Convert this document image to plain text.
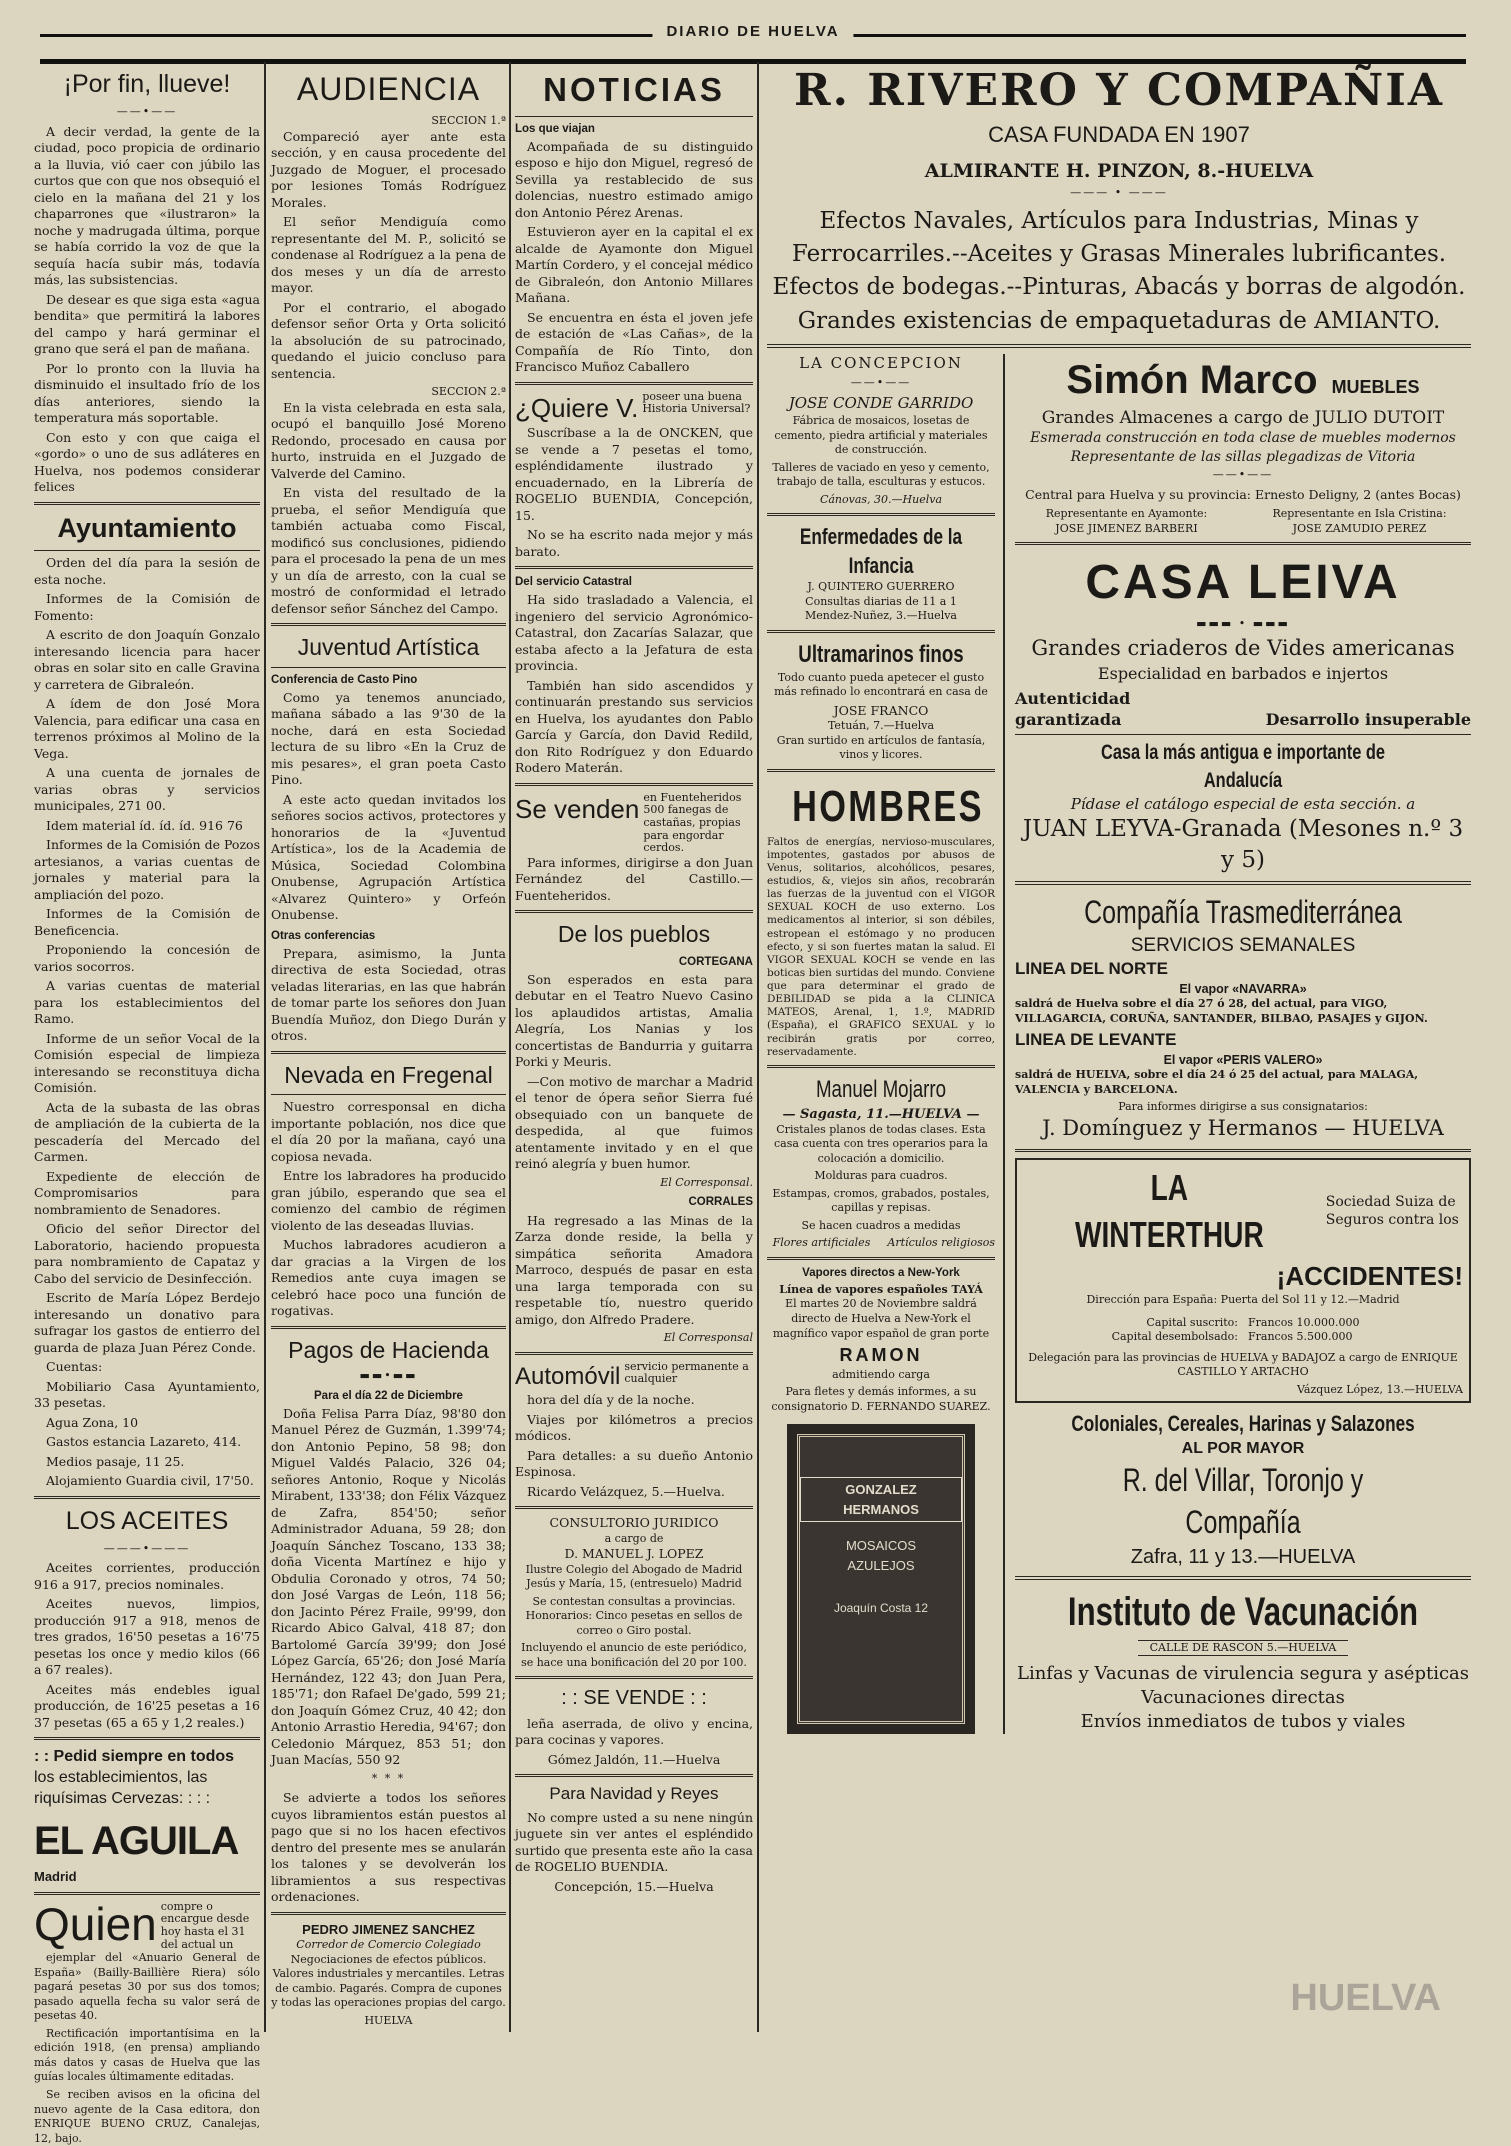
DIARIO DE HUELVA
¡Por fin, llueve!
——•——

A decir verdad, la gente de la ciudad, poco propicia de ordinario a la lluvia, vió caer con júbilo las curtos que con que nos obsequió el cielo en la mañana del 21 y los chaparrones que «ilustraron» la noche y madrugada última, porque se había corrido la voz de que la sequía hacía subir más, todavía más, las subsistencias.

De desear es que siga esta «agua bendita» que permitirá la labores del campo y hará germinar el grano que será el pan de mañana.

Por lo pronto con la lluvia ha disminuido el insultado frío de los días anteriores, siendo la temperatura más soportable.

Con esto y con que caiga el «gordo» o uno de sus adláteres en Huelva, nos podemos considerar felices

Ayuntamiento

Orden del día para la sesión de esta noche.

Informes de la Comisión de Fomento:

A escrito de don Joaquín Gonzalo interesando licencia para hacer obras en solar sito en calle Gravina y carretera de Gibraleón.

A ídem de don José Mora Valencia, para edificar una casa en terrenos próximos al Molino de la Vega.

A una cuenta de jornales de varias obras y servicios municipales, 271 00.

Idem material íd. íd. íd. 916 76

Informes de la Comisión de Pozos artesianos, a varias cuentas de jornales y material para la ampliación del pozo.

Informes de la Comisión de Beneficencia.

Proponiendo la concesión de varios socorros.

A varias cuentas de material para los establecimientos del Ramo.

Informe de un señor Vocal de la Comisión especial de limpieza interesando se reconstituya dicha Comisión.

Acta de la subasta de las obras de ampliación de la cubierta de la pescadería del Mercado del Carmen.

Expediente de elección de Compromisarios para nombramiento de Senadores.

Oficio del señor Director del Laboratorio, haciendo propuesta para nombramiento de Capataz y Cabo del servicio de Desinfección.

Escrito de María López Berdejo interesando un donativo para sufragar los gastos de entierro del guarda de plaza Juan Pérez Conde.

Cuentas:

Mobiliario Casa Ayuntamiento, 33 pesetas.

Agua Zona, 10

Gastos estancia Lazareto, 414.

Medios pasaje, 11 25.

Alojamiento Guardia civil, 17'50.

LOS ACEITES
———•———

Aceites corrientes, producción 916 a 917, precios nominales.

Aceites nuevos, limpios, producción 917 a 918, menos de tres grados, 16'50 pesetas a 16'75 pesetas los once y medio kilos (66 a 67 reales).

Aceites más endebles igual producción, de 16'25 pesetas a 16 37 pesetas (65 a 65 y 1,2 reales.)

: : Pedid siempre en todos
los establecimientos, las
riquísimas Cervezas: : : :
EL AGUILA Madrid
Quien compre o encargue desde hoy hasta el 31 del actual un

ejemplar del «Anuario General de España» (Bailly-Baillière Riera) sólo pagará pesetas 30 por sus dos tomos; pasado aquella fecha su valor será de pesetas 40.

Rectificación importantísima en la edición 1918, (en prensa) ampliando más datos y casas de Huelva que las guías locales últimamente editadas.

Se reciben avisos en la oficina del nuevo agente de la Casa editora, don ENRIQUE BUENO CRUZ, Canalejas, 12, bajo.

AUDIENCIA
SECCION 1.ª

Compareció ayer ante esta sección, y en causa procedente del Juzgado de Moguer, el procesado por lesiones Tomás Rodríguez Morales.

El señor Mendiguía como representante del M. P., solicitó se condenase al Rodríguez a la pena de dos meses y un día de arresto mayor.

Por el contrario, el abogado defensor señor Orta y Orta solicitó la absolución de su patrocinado, quedando el juicio concluso para sentencia.

SECCION 2.ª

En la vista celebrada en esta sala, ocupó el banquillo José Moreno Redondo, procesado en causa por hurto, instruida en el Juzgado de Valverde del Camino.

En vista del resultado de la prueba, el señor Mendiguía que también actuaba como Fiscal, modificó sus conclusiones, pidiendo para el procesado la pena de un mes y un día de arresto, con la cual se mostró de conformidad el letrado defensor señor Sánchez del Campo.

Juventud Artística
Conferencia de Casto Pino

Como ya tenemos anunciado, mañana sábado a las 9'30 de la noche, dará en esta Sociedad lectura de su libro «En la Cruz de mis pesares», el gran poeta Casto Pino.

A este acto quedan invitados los señores socios activos, protectores y honorarios de la «Juventud Artística», los de la Academia de Música, Sociedad Colombina Onubense, Agrupación Artística «Alvarez Quintero» y Orfeón Onubense.

Otras conferencias

Prepara, asimismo, la Junta directiva de esta Sociedad, otras veladas literarias, en las que habrán de tomar parte los señores don Juan Buendía Muñoz, don Diego Durán y otros.

Nevada en Fregenal

Nuestro corresponsal en dicha importante población, nos dice que el día 20 por la mañana, cayó una copiosa nevada.

Entre los labradores ha producido gran júbilo, esperando que sea el comienzo del cambio de régimen violento de las deseadas lluvias.

Muchos labradores acudieron a dar gracias a la Virgen de los Remedios ante cuya imagen se celebró hace poco una función de rogativas.

Pagos de Hacienda
▬▬•▬▬
Para el día 22 de Diciembre

Doña Felisa Parra Díaz, 98'80 don Manuel Pérez de Guzmán, 1.399'74; don Antonio Pepino, 58 98; don Miguel Valdés Palacio, 326 04; señores Antonio, Roque y Nicolás Mirabent, 133'38; don Félix Vázquez de Zafra, 854'50; señor Administrador Aduana, 59 28; don Joaquín Sánchez Toscano, 133 38; doña Vicenta Martínez e hijo y Obdulia Coronado y otros, 74 50; don José Vargas de León, 118 56; don Jacinto Pérez Fraile, 99'99, don Ricardo Abico Galval, 418 87; don Bartolomé García 39'99; don José López García, 65'26; don José María Hernández, 122 43; don Juan Pera, 185'71; don Rafael De'gado, 599 21; don Joaquín Gómez Cruz, 40 42; don Antonio Arrastio Heredia, 94'67; don Celedonio Márquez, 853 51; don Juan Macías, 550 92

* * *

Se advierte a todos los señores cuyos libramientos están puestos al pago que si no los hacen efectivos dentro del presente mes se anularán los talones y se devolverán los libramientos a sus respectivas ordenaciones.

PEDRO JIMENEZ SANCHEZ
Corredor de Comercio Colegiado

Negociaciones de efectos públicos. Valores industriales y mercantiles. Letras de cambio. Pagarés. Compra de cupones y todas las operaciones propias del cargo.

HUELVA
NOTICIAS
Los que viajan

Acompañada de su distinguido esposo e hijo don Miguel, regresó de Sevilla ya restablecido de sus dolencias, nuestro estimado amigo don Antonio Pérez Arenas.

Estuvieron ayer en la capital el ex alcalde de Ayamonte don Miguel Martín Cordero, y el concejal médico de Gibraleón, don Antonio Millares Mañana.

Se encuentra en ésta el joven jefe de estación de «Las Cañas», de la Compañía de Río Tinto, don Francisco Muñoz Caballero

¿Quiere V. poseer una buena Historia Universal?

Suscríbase a la de ONCKEN, que se vende a 7 pesetas el tomo, espléndidamente ilustrado y encuadernado, en la Librería de ROGELIO BUENDIA, Concepción, 15.

No se ha escrito nada mejor y más barato.

Del servicio Catastral

Ha sido trasladado a Valencia, el ingeniero del servicio Agronómico-Catastral, don Zacarías Salazar, que estaba afecto a la Jefatura de esta provincia.

También han sido ascendidos y continuarán prestando sus servicios en Huelva, los ayudantes don Pablo García y García, don David Redild, don Rito Rodríguez y don Eduardo Rodero Materán.

Se venden en Fuenteheridos 500 fanegas de castañas, propias para engordar cerdos.

Para informes, dirigirse a don Juan Fernández del Castillo.—Fuenteheridos.

De los pueblos
CORTEGANA

Son esperados en esta para debutar en el Teatro Nuevo Casino los aplaudidos artistas, Amalia Alegría, Los Nanias y los concertistas de Bandurria y guitarra Porki y Meuris.

—Con motivo de marchar a Madrid el tenor de ópera señor Sierra fué obsequiado con un banquete de despedida, al que fuimos atentamente invitado y en el que reinó alegría y buen humor.

El Corresponsal.
CORRALES

Ha regresado a las Minas de la Zarza donde reside, la bella y simpática señorita Amadora Marroco, después de pasar en esta una larga temporada con su respetable tío, nuestro querido amigo, don Alfredo Pradere.

El Corresponsal
Automóvil servicio permanente a cualquier

hora del día y de la noche.

Viajes por kilómetros a precios módicos.

Para detalles: a su dueño Antonio Espinosa.

Ricardo Velázquez, 5.—Huelva.

CONSULTORIO JURIDICO
a cargo de
D. MANUEL J. LOPEZ

Ilustre Colegio del Abogado de Madrid Jesús y María, 15, (entresuelo) Madrid

Se contestan consultas a provincias. Honorarios: Cinco pesetas en sellos de correo o Giro postal.

Incluyendo el anuncio de este periódico, se hace una bonificación del 20 por 100.

: : SE VENDE : :

leña aserrada, de olivo y encina, para cocinas y vapores.

Gómez Jaldón, 11.—Huelva

Para Navidad y Reyes

No compre usted a su nene ningún juguete sin ver antes el espléndido surtido que presenta este año la casa de ROGELIO BUENDIA.

Concepción, 15.—Huelva

R. RIVERO Y COMPAÑIA
CASA FUNDADA EN 1907
ALMIRANTE H. PINZON, 8.-HUELVA
——— • ———
Efectos Navales, Artículos para Industrias, Minas y Ferrocarriles.--Aceites y Grasas Minerales lubrificantes.
Efectos de bodegas.--Pinturas, Abacás y borras de algodón.
Grandes existencias de empaquetaduras de AMIANTO.
LA CONCEPCION
——•——
JOSE CONDE GARRIDO

Fábrica de mosaicos, losetas de cemento, piedra artificial y materiales de construcción.

Talleres de vaciado en yeso y cemento, trabajo de talla, esculturas y estucos.

Cánovas, 30.—Huelva
Enfermedades de la Infancia
J. QUINTERO GUERRERO
Consultas diarias de 11 a 1
Mendez-Nuñez, 3.—Huelva
Ultramarinos finos

Todo cuanto pueda apetecer el gusto más refinado lo encontrará en casa de

JOSE FRANCO
Tetuán, 7.—Huelva

Gran surtido en artículos de fantasía, vinos y licores.

HOMBRES

Faltos de energías, nervioso-musculares, impotentes, gastados por abusos de Venus, solitarios, alcohólicos, pesares, estudios, &, viejos sin años, recobrarán las fuerzas de la juventud con el VIGOR SEXUAL KOCH de uso externo. Los medicamentos al interior, si son débiles, estropean el estómago y no producen efecto, y si son fuertes matan la salud. El VIGOR SEXUAL KOCH se vende en las boticas bien surtidas del mundo. Conviene que para determinar el grado de DEBILIDAD se pida a la CLINICA MATEOS, Arenal, 1, 1.º, MADRID (España), el GRAFICO SEXUAL y lo recibirán gratis por correo, reservadamente.

Manuel Mojarro
— Sagasta, 11.—HUELVA —

Cristales planos de todas clases. Esta casa cuenta con tres operarios para la colocación a domicilio.

Molduras para cuadros.

Estampas, cromos, grabados, postales, capillas y repisas.

Se hacen cuadros a medidas

Flores artificiales	Artículos religiosos
Vapores directos a New-York
Línea de vapores españoles TAYÁ

El martes 20 de Noviembre saldrá directo de Huelva a New-York el magnífico vapor español de gran porte

RAMON

admitiendo carga

Para fletes y demás informes, a su consignatorio D. FERNANDO SUAREZ.

GONZALEZ HERMANOS
MOSAICOS
AZULEJOS
Joaquín Costa 12
Simón Marco MUEBLES
Grandes Almacenes a cargo de JULIO DUTOIT
Esmerada construcción en toda clase de muebles modernos
Representante de las sillas plegadizas de Vitoria
——•——
Central para Huelva y su provincia: Ernesto Deligny, 2 (antes Bocas)
Representante en Ayamonte:
JOSE JIMENEZ BARBERI
Representante en Isla Cristina:
JOSE ZAMUDIO PEREZ
CASA LEIVA
▬▬▬ • ▬▬▬
Grandes criaderos de Vides americanas
Especialidad en barbados e injertos
Autenticidad garantizada	Desarrollo insuperable
Casa la más antigua e importante de Andalucía
Pídase el catálogo especial de esta sección. a
JUAN LEYVA-Granada (Mesones n.º 3 y 5)
Compañía Trasmediterránea
SERVICIOS SEMANALES
LINEA DEL NORTE
El vapor «NAVARRA»

saldrá de Huelva sobre el día 27 ó 28, del actual, para VIGO, VILLAGARCIA, CORUÑA, SANTANDER, BILBAO, PASAJES y GIJON.

LINEA DE LEVANTE
El vapor «PERIS VALERO»

saldrá de HUELVA, sobre el día 24 ó 25 del actual, para MALAGA, VALENCIA y BARCELONA.

Para informes dirigirse a sus consignatarios:
J. Domínguez y Hermanos — HUELVA
LA WINTERTHUR
Sociedad Suiza de Seguros contra los
¡ACCIDENTES!
Dirección para España: Puerta del Sol 11 y 12.—Madrid
Capital suscrito: Francos 10.000.000
Capital desembolsado: Francos 5.500.000

Delegación para las provincias de HUELVA y BADAJOZ a cargo de ENRIQUE CASTILLO Y ARTACHO

Vázquez López, 13.—HUELVA
Coloniales, Cereales, Harinas y Salazones
AL POR MAYOR
R. del Villar, Toronjo y Compañía
Zafra, 11 y 13.—HUELVA
Instituto de Vacunación
CALLE DE RASCON 5.—HUELVA
Linfas y Vacunas de virulencia segura y asépticas
Vacunaciones directas
Envíos inmediatos de tubos y viales
HUELVA
